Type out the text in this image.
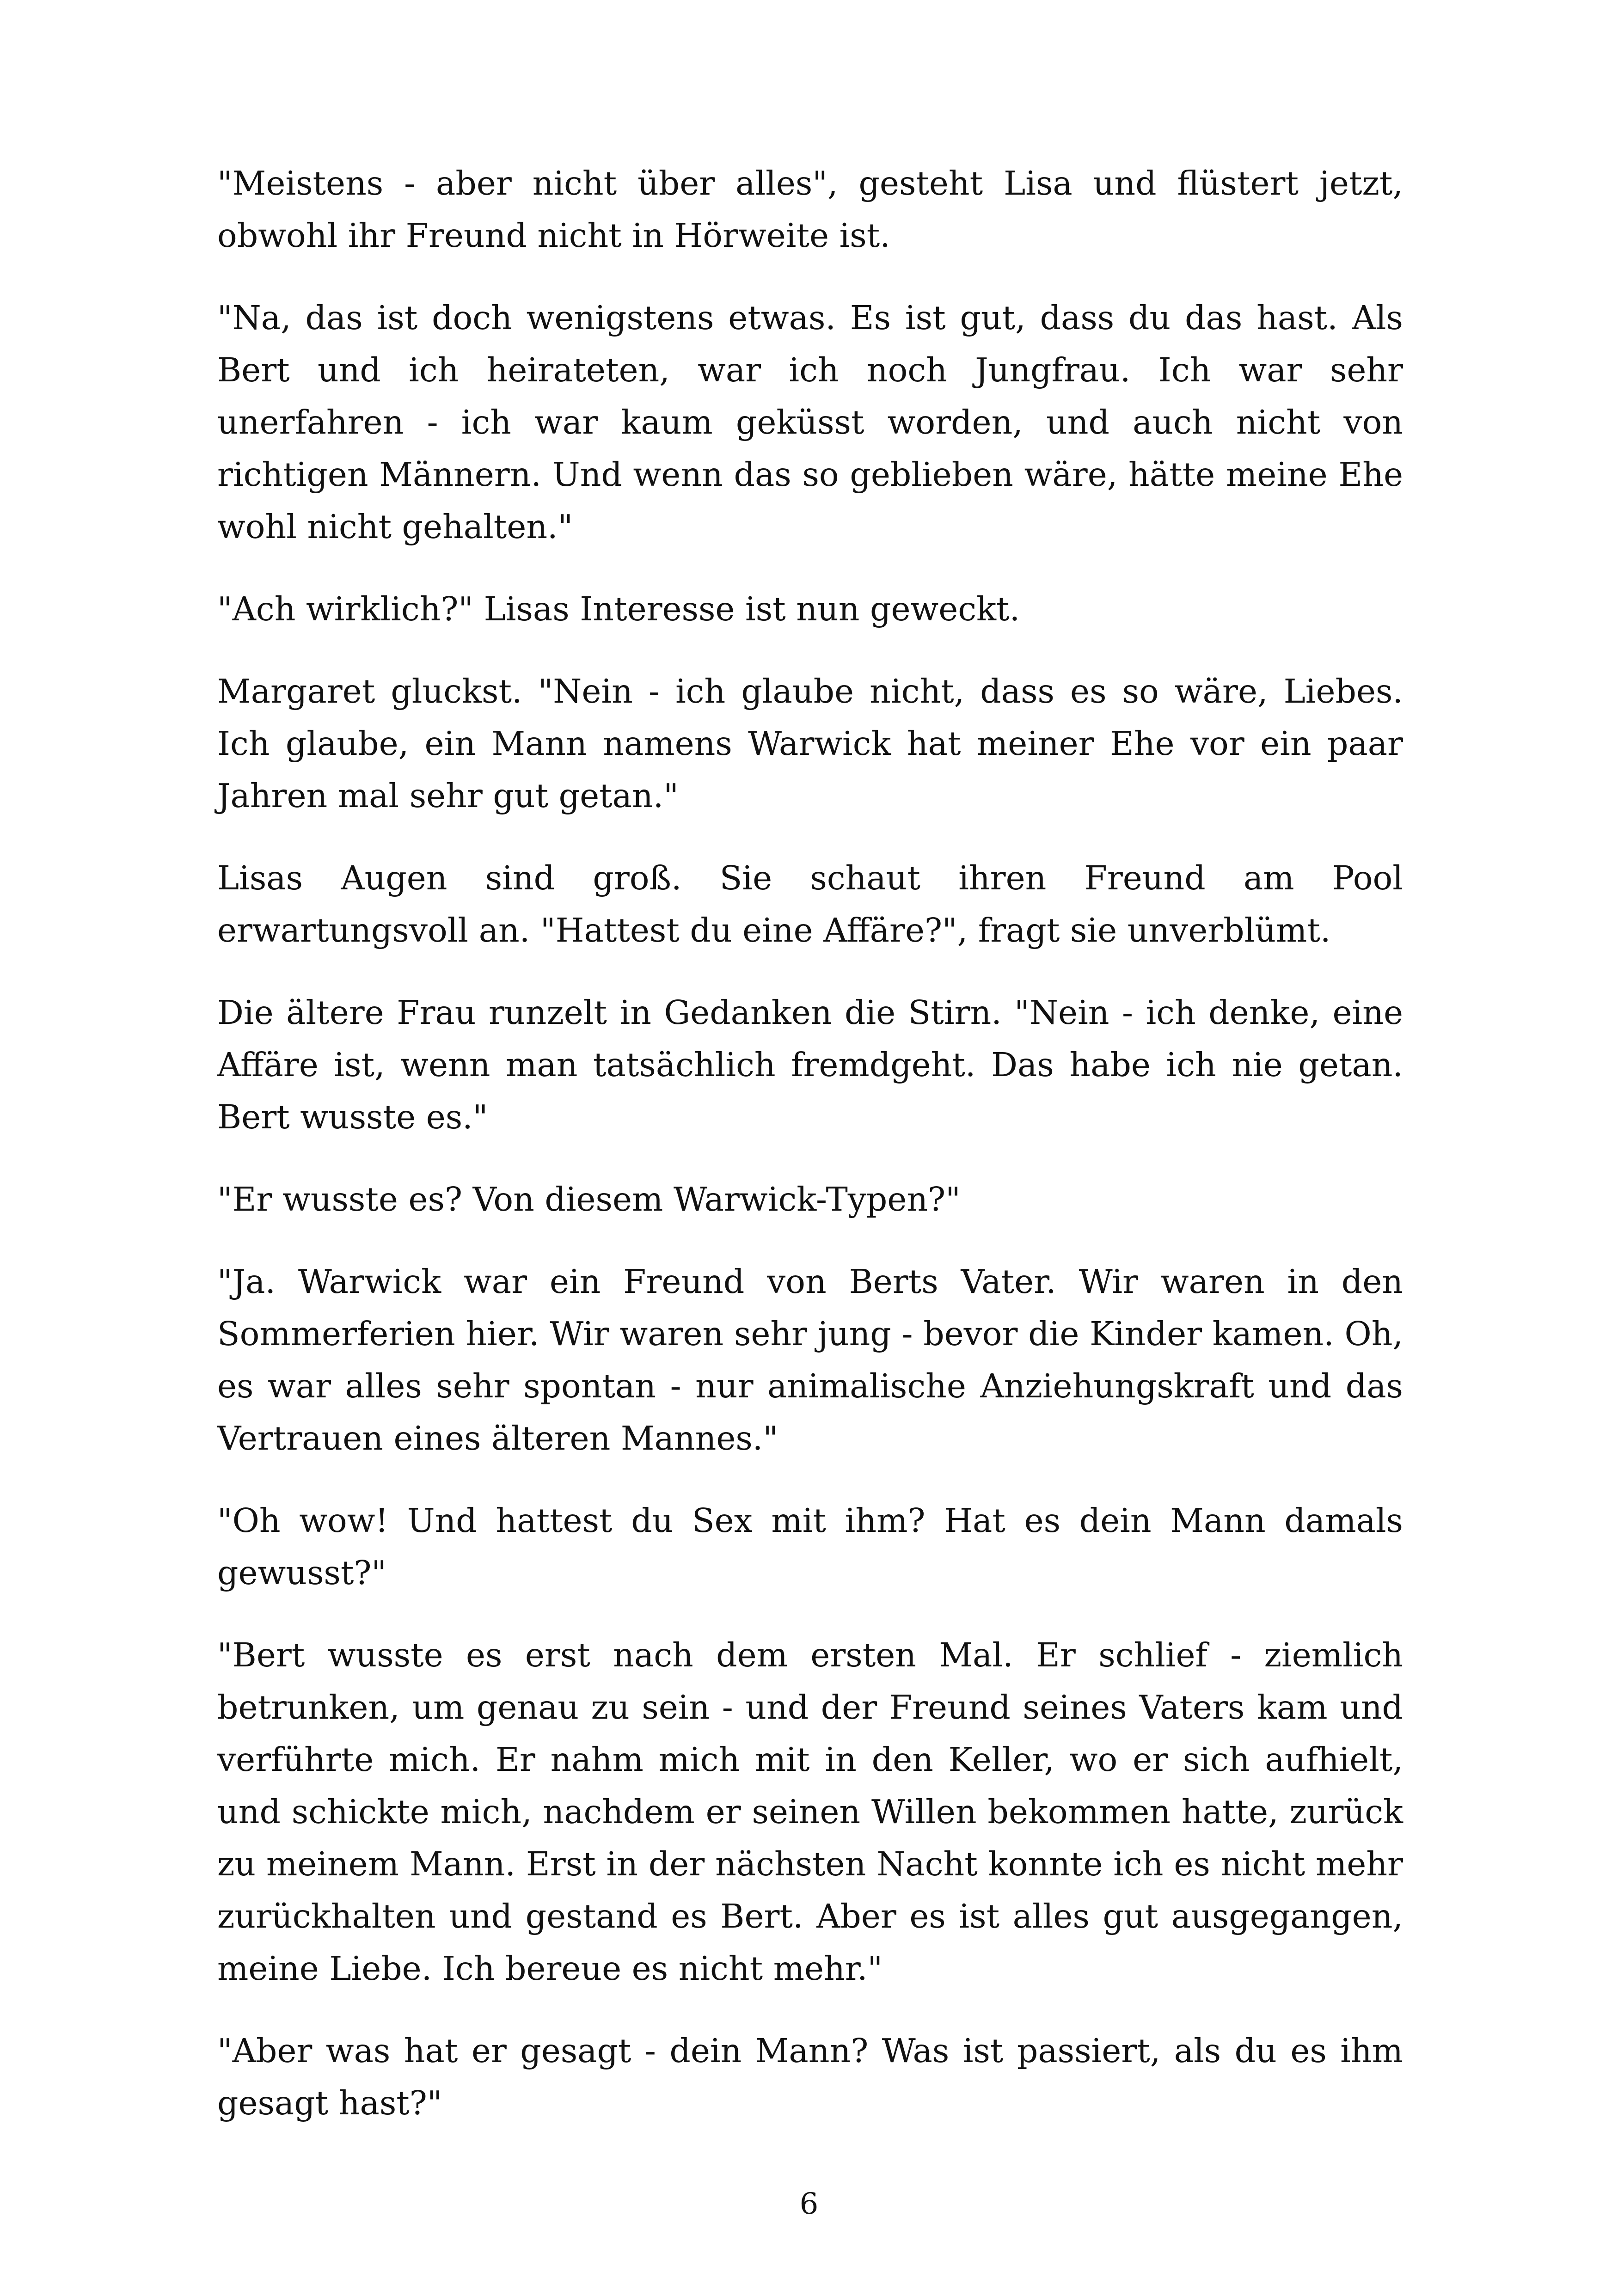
"Meistens - aber nicht über alles", gesteht Lisa und flüstert jetzt, obwohl ihr Freund nicht in Hörweite ist.

"Na, das ist doch wenigstens etwas. Es ist gut, dass du das hast. Als Bert und ich heirateten, war ich noch Jungfrau. Ich war sehr unerfahren - ich war kaum geküsst worden, und auch nicht von richtigen Männern. Und wenn das so geblieben wäre, hätte meine Ehe wohl nicht gehalten."

"Ach wirklich?" Lisas Interesse ist nun geweckt.

Margaret gluckst. "Nein - ich glaube nicht, dass es so wäre, Liebes. Ich glaube, ein Mann namens Warwick hat meiner Ehe vor ein paar Jahren mal sehr gut getan."

Lisas Augen sind groß. Sie schaut ihren Freund am Pool erwartungsvoll an. "Hattest du eine Affäre?", fragt sie unverblümt.

Die ältere Frau runzelt in Gedanken die Stirn. "Nein - ich denke, eine Affäre ist, wenn man tatsächlich fremdgeht. Das habe ich nie getan. Bert wusste es."

"Er wusste es? Von diesem Warwick-Typen?"

"Ja. Warwick war ein Freund von Berts Vater. Wir waren in den Sommerferien hier. Wir waren sehr jung - bevor die Kinder kamen. Oh, es war alles sehr spontan - nur animalische Anziehungskraft und das Vertrauen eines älteren Mannes."

"Oh wow! Und hattest du Sex mit ihm? Hat es dein Mann damals gewusst?"

"Bert wusste es erst nach dem ersten Mal. Er schlief - ziemlich betrunken, um genau zu sein - und der Freund seines Vaters kam und verführte mich. Er nahm mich mit in den Keller, wo er sich aufhielt, und schickte mich, nachdem er seinen Willen bekommen hatte, zurück zu meinem Mann. Erst in der nächsten Nacht konnte ich es nicht mehr zurückhalten und gestand es Bert. Aber es ist alles gut ausgegangen, meine Liebe. Ich bereue es nicht mehr."

"Aber was hat er gesagt - dein Mann? Was ist passiert, als du es ihm gesagt hast?"

6
